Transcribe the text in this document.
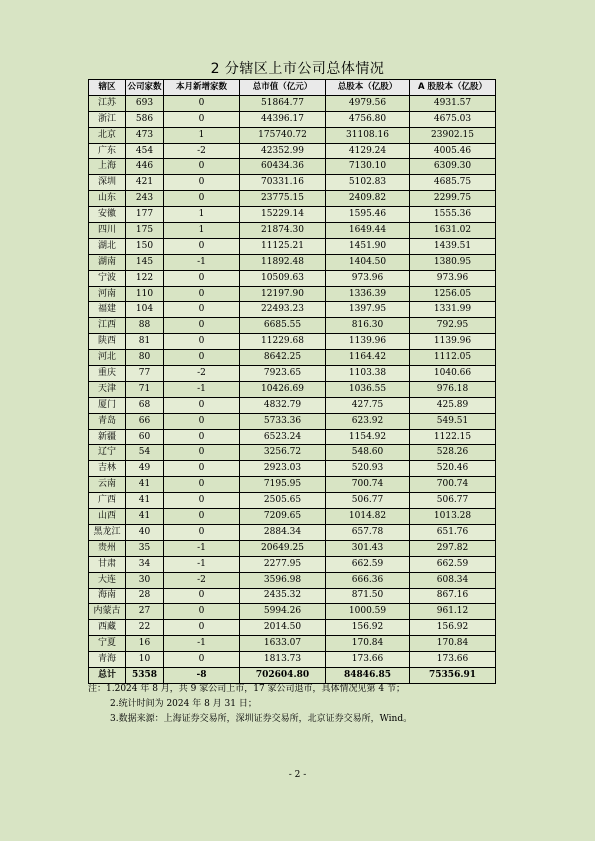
2 分辖区上市公司总体情况
辖区	公司家数	本月新增家数	总市值（亿元）	总股本（亿股）	A 股股本（亿股）
江苏	693	0	51864.77	4979.56	4931.57
浙江	586	0	44396.17	4756.80	4675.03
北京	473	1	175740.72	31108.16	23902.15
广东	454	-2	42352.99	4129.24	4005.46
上海	446	0	60434.36	7130.10	6309.30
深圳	421	0	70331.16	5102.83	4685.75
山东	243	0	23775.15	2409.82	2299.75
安徽	177	1	15229.14	1595.46	1555.36
四川	175	1	21874.30	1649.44	1631.02
湖北	150	0	11125.21	1451.90	1439.51
湖南	145	-1	11892.48	1404.50	1380.95
宁波	122	0	10509.63	973.96	973.96
河南	110	0	12197.90	1336.39	1256.05
福建	104	0	22493.23	1397.95	1331.99
江西	88	0	6685.55	816.30	792.95
陕西	81	0	11229.68	1139.96	1139.96
河北	80	0	8642.25	1164.42	1112.05
重庆	77	-2	7923.65	1103.38	1040.66
天津	71	-1	10426.69	1036.55	976.18
厦门	68	0	4832.79	427.75	425.89
青岛	66	0	5733.36	623.92	549.51
新疆	60	0	6523.24	1154.92	1122.15
辽宁	54	0	3256.72	548.60	528.26
吉林	49	0	2923.03	520.93	520.46
云南	41	0	7195.95	700.74	700.74
广西	41	0	2505.65	506.77	506.77
山西	41	0	7209.65	1014.82	1013.28
黑龙江	40	0	2884.34	657.78	651.76
贵州	35	-1	20649.25	301.43	297.82
甘肃	34	-1	2277.95	662.59	662.59
大连	30	-2	3596.98	666.36	608.34
海南	28	0	2435.32	871.50	867.16
内蒙古	27	0	5994.26	1000.59	961.12
西藏	22	0	2014.50	156.92	156.92
宁夏	16	-1	1633.07	170.84	170.84
青海	10	0	1813.73	173.66	173.66
总计	5358	-8	702604.80	84846.85	75356.91
注：1.2024 年 8 月，共 9 家公司上市，17 家公司退市，具体情况见第 4 节；
2.统计时间为 2024 年 8 月 31 日；
3.数据来源：上海证券交易所，深圳证券交易所，北京证券交易所，Wind。
- 2 -
